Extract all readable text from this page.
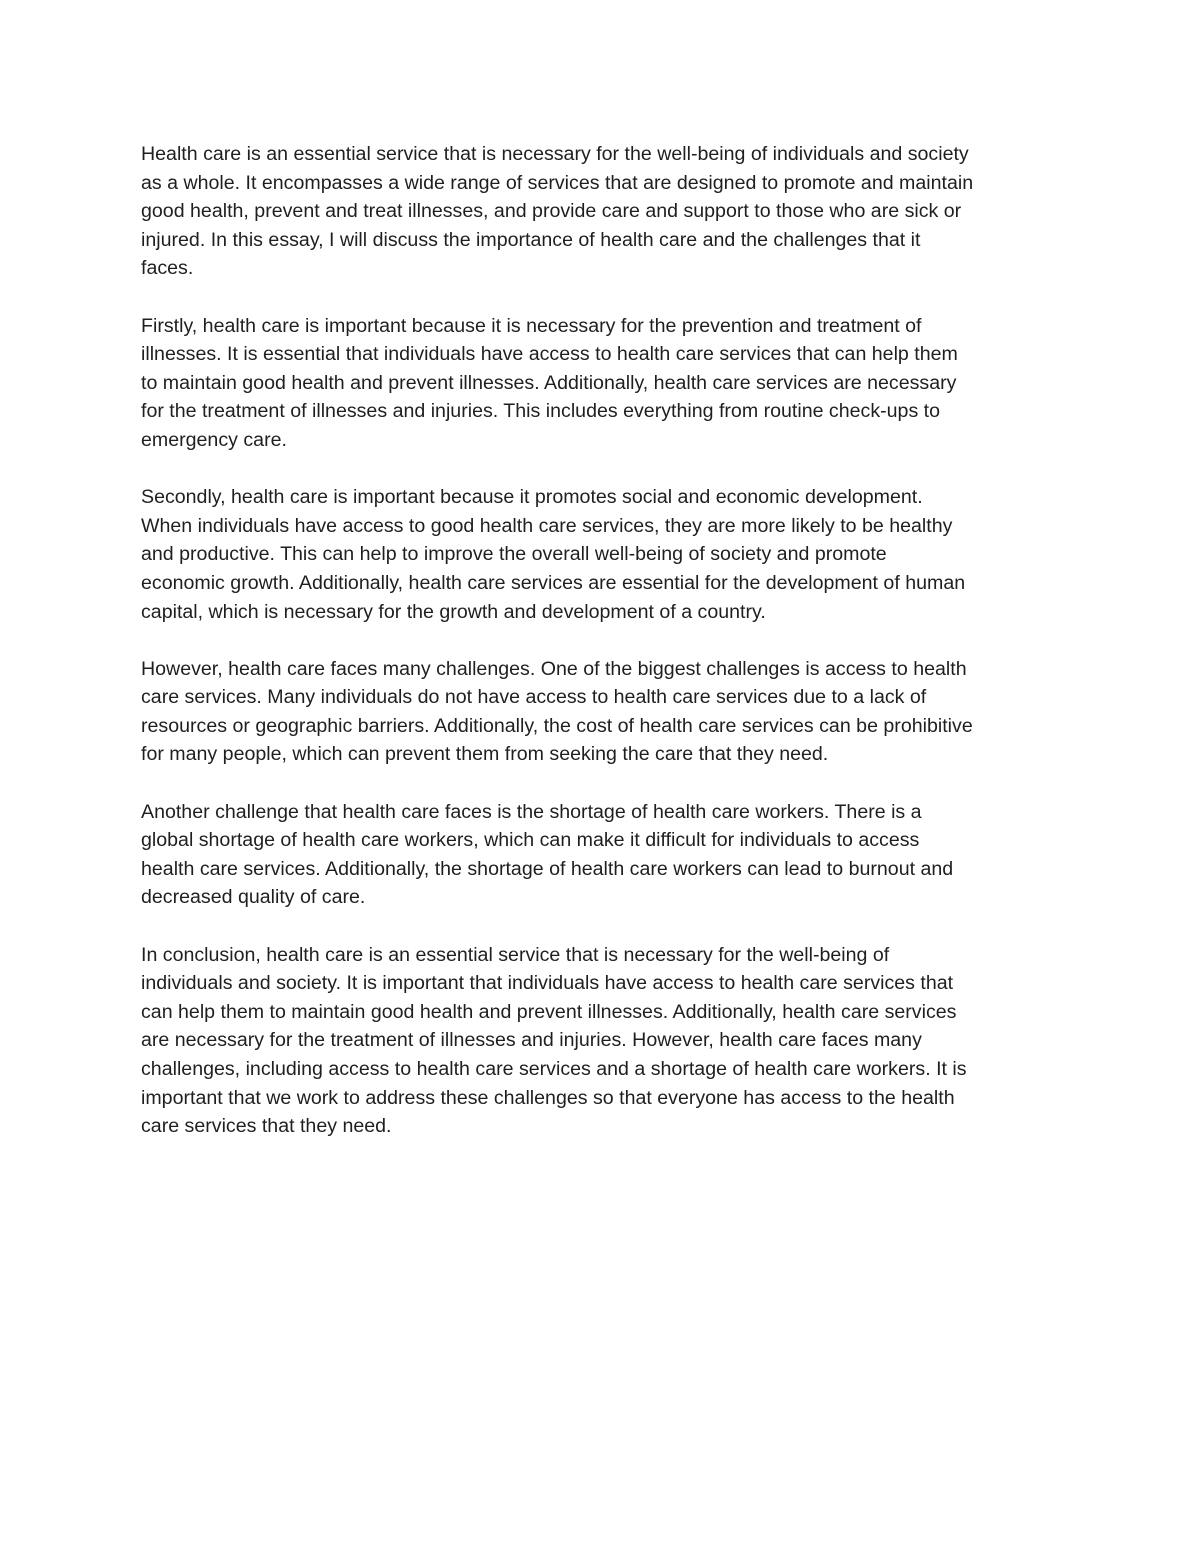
Health care is an essential service that is necessary for the well-being of individuals and society
as a whole. It encompasses a wide range of services that are designed to promote and maintain
good health, prevent and treat illnesses, and provide care and support to those who are sick or
injured. In this essay, I will discuss the importance of health care and the challenges that it
faces.

Firstly, health care is important because it is necessary for the prevention and treatment of
illnesses. It is essential that individuals have access to health care services that can help them
to maintain good health and prevent illnesses. Additionally, health care services are necessary
for the treatment of illnesses and injuries. This includes everything from routine check-ups to
emergency care.

Secondly, health care is important because it promotes social and economic development.
When individuals have access to good health care services, they are more likely to be healthy
and productive. This can help to improve the overall well-being of society and promote
economic growth. Additionally, health care services are essential for the development of human
capital, which is necessary for the growth and development of a country.

However, health care faces many challenges. One of the biggest challenges is access to health
care services. Many individuals do not have access to health care services due to a lack of
resources or geographic barriers. Additionally, the cost of health care services can be prohibitive
for many people, which can prevent them from seeking the care that they need.

Another challenge that health care faces is the shortage of health care workers. There is a
global shortage of health care workers, which can make it difficult for individuals to access
health care services. Additionally, the shortage of health care workers can lead to burnout and
decreased quality of care.

In conclusion, health care is an essential service that is necessary for the well-being of
individuals and society. It is important that individuals have access to health care services that
can help them to maintain good health and prevent illnesses. Additionally, health care services
are necessary for the treatment of illnesses and injuries. However, health care faces many
challenges, including access to health care services and a shortage of health care workers. It is
important that we work to address these challenges so that everyone has access to the health
care services that they need.
